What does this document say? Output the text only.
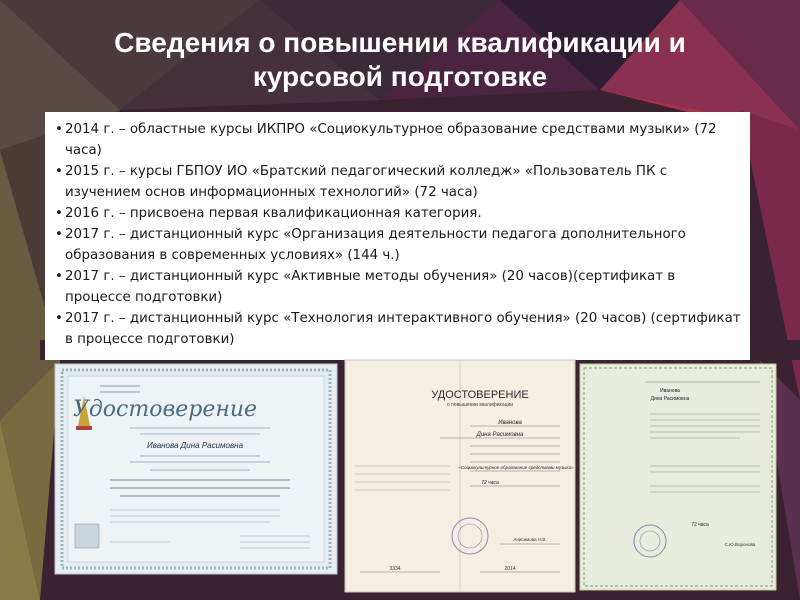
Сведения о повышении квалификации и
курсовой подготовке
• 2014 г. – областные курсы ИКПРО «Социокультурное образование средствами музыки» (72 часа)
• 2015 г. – курсы ГБПОУ ИО «Братский педагогический колледж» «Пользователь ПК с изучением основ информационных технологий» (72 часа)
• 2016 г. – присвоена первая квалификационная категория.
• 2017 г. – дистанционный курс «Организация деятельности педагога дополнительного образования в современных условиях» (144 ч.)
• 2017 г. – дистанционный курс «Активные методы обучения» (20 часов)(сертификат в процессе подготовки)
• 2017 г. – дистанционный курс «Технология интерактивного обучения» (20 часов) (сертификат в процессе подготовки)
Удостоверение
Иванова Дина Расимовна
УДОСТОВЕРЕНИЕ
о повышении квалификации
Иванова
Дина Расимовна
«Социокультурное образование средствами музыки»
72 часа
Анисимова Н.В.
3334	2014
Иванова
Дина Расимовна
72 часа
С.Ю.Воронова
